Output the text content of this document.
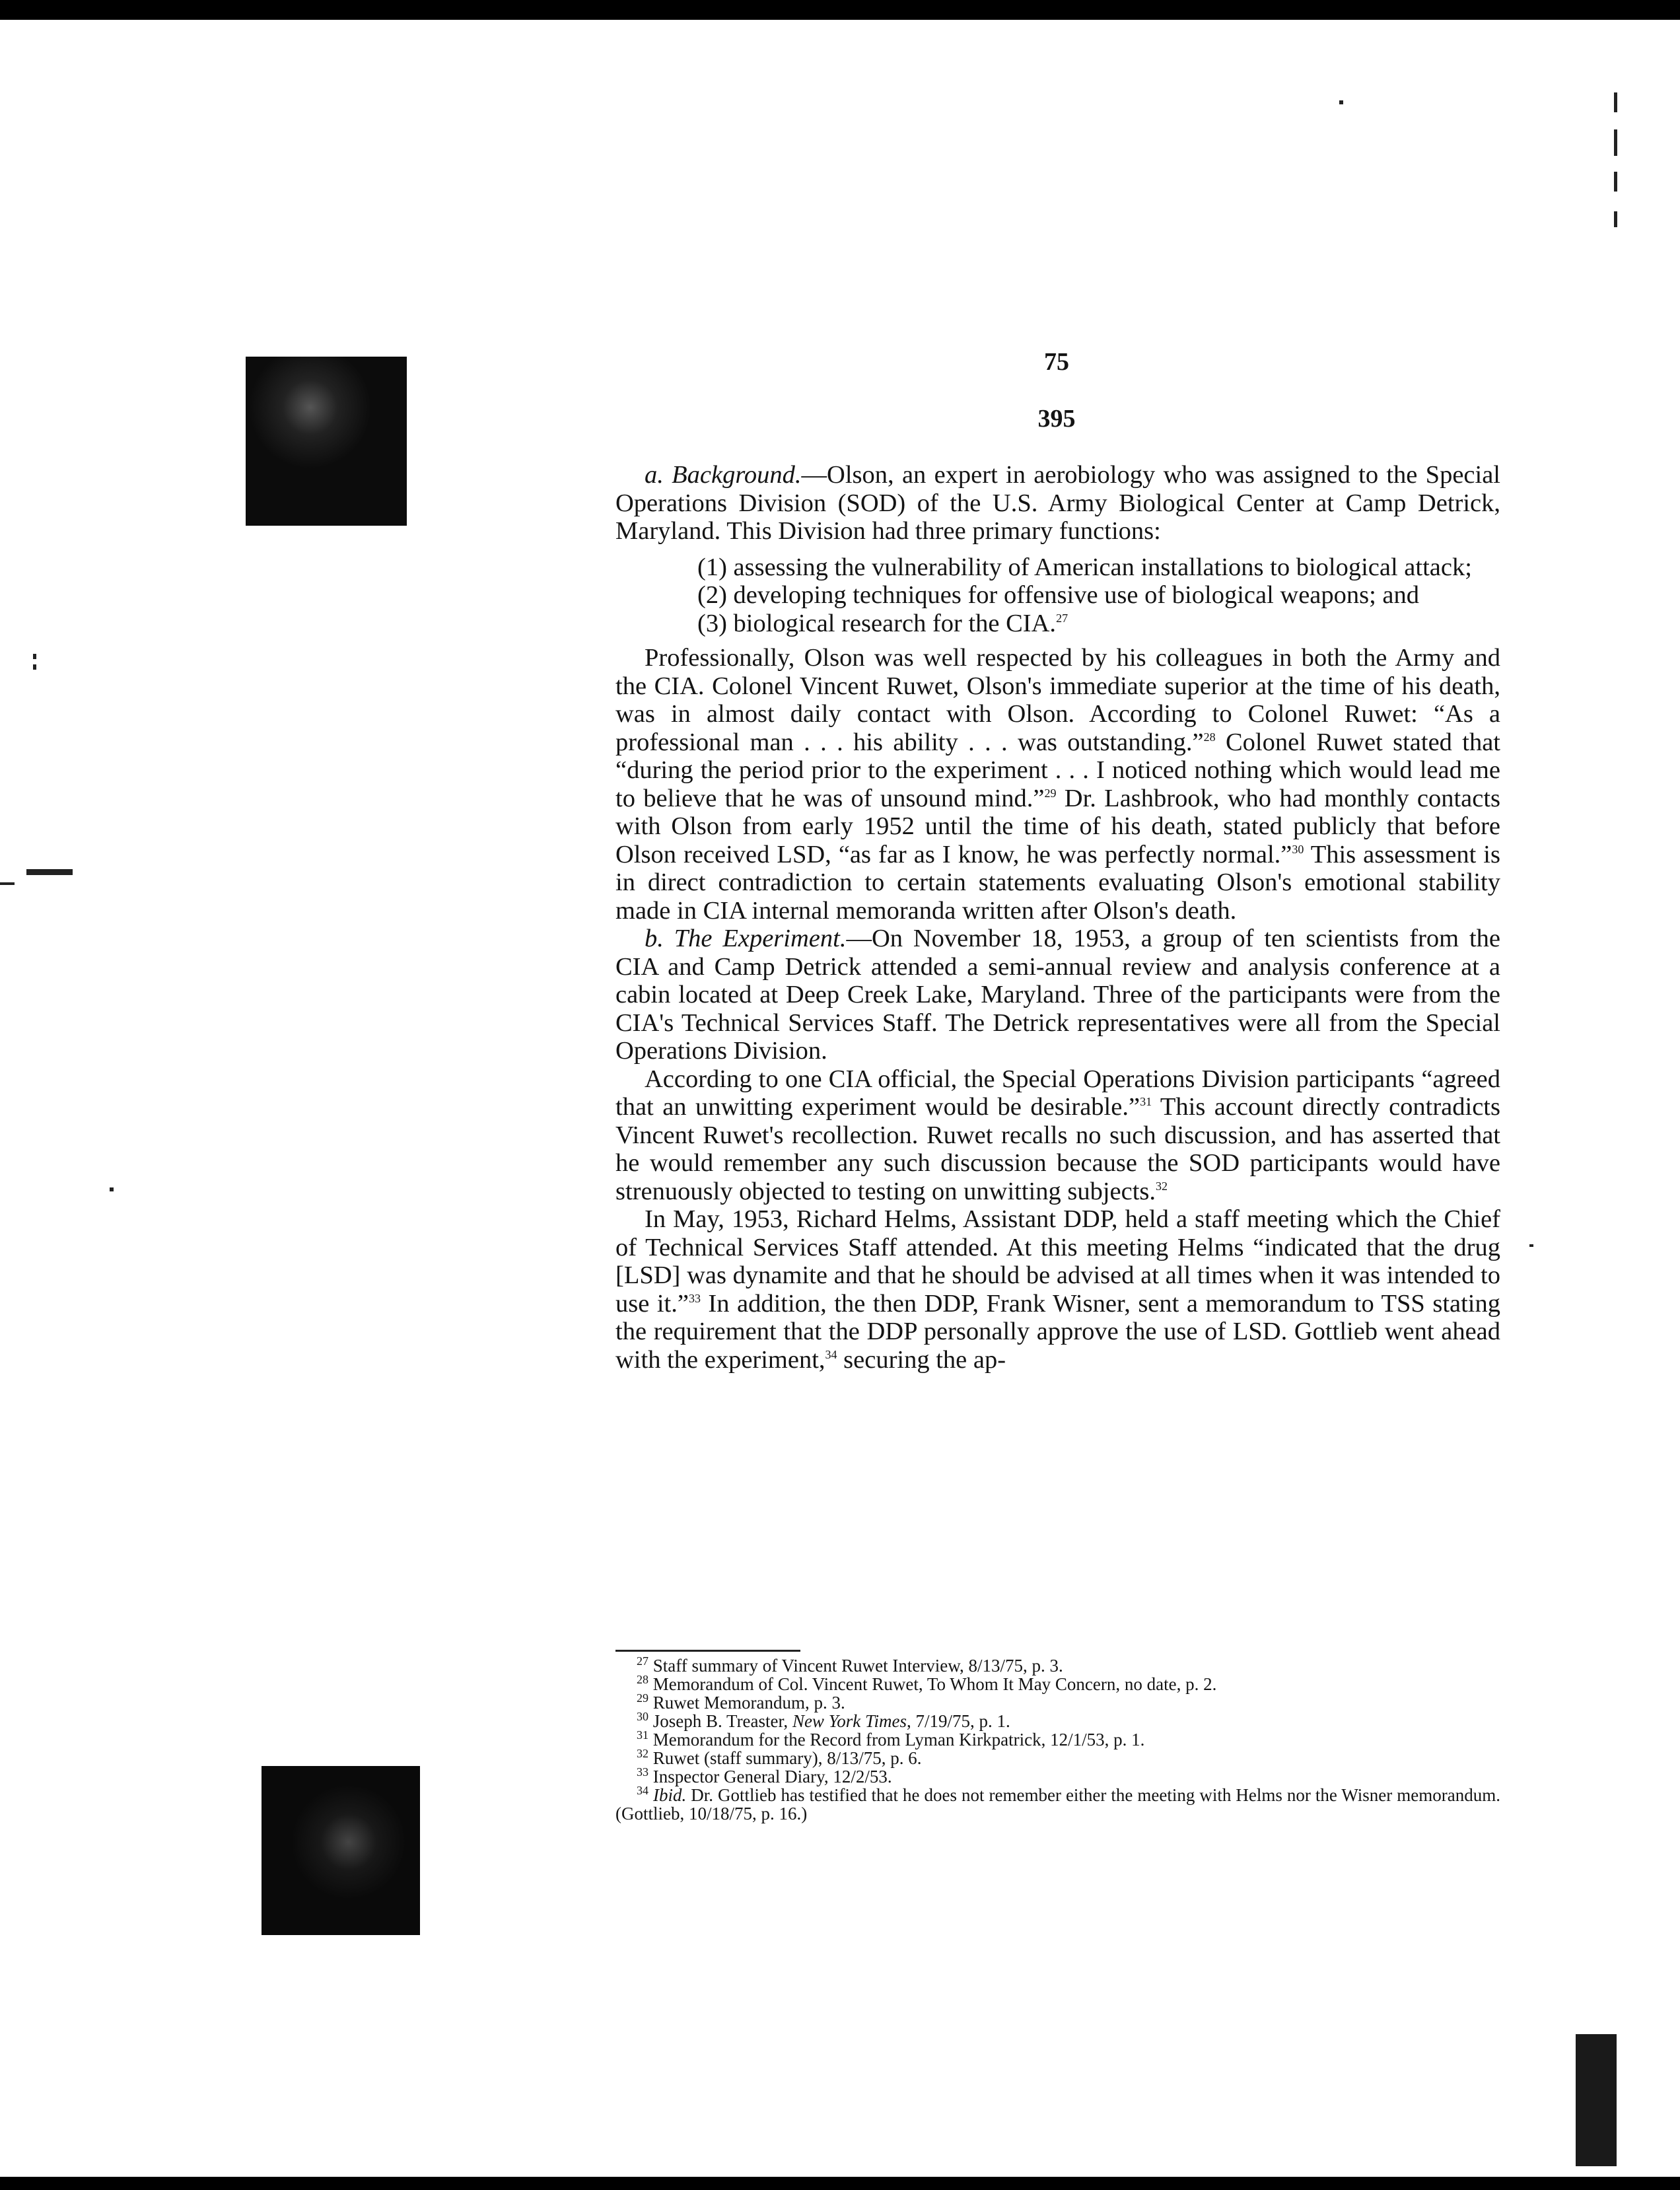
75
395

a. Background.—Olson, an expert in aerobiology who was assigned to the Special Operations Division (SOD) of the U.S. Army Biological Center at Camp Detrick, Maryland. This Division had three primary functions:

(1) assessing the vulnerability of American installations to biological attack;
(2) developing techniques for offensive use of biological weapons; and
(3) biological research for the CIA.$^{27}$

Professionally, Olson was well respected by his colleagues in both the Army and the CIA. Colonel Vincent Ruwet, Olson's immediate superior at the time of his death, was in almost daily contact with Olson. According to Colonel Ruwet: “As a professional man . . . his ability . . . was outstanding.”$^{28}$ Colonel Ruwet stated that “during the period prior to the experiment . . . I noticed nothing which would lead me to believe that he was of unsound mind.”$^{29}$ Dr. Lashbrook, who had monthly contacts with Olson from early 1952 until the time of his death, stated publicly that before Olson received LSD, “as far as I know, he was perfectly normal.”$^{30}$ This assessment is in direct contradiction to certain statements evaluating Olson's emotional stability made in CIA internal memoranda written after Olson's death.

b. The Experiment.—On November 18, 1953, a group of ten scientists from the CIA and Camp Detrick attended a semi-annual review and analysis conference at a cabin located at Deep Creek Lake, Maryland. Three of the participants were from the CIA's Technical Services Staff. The Detrick representatives were all from the Special Operations Division.

According to one CIA official, the Special Operations Division participants “agreed that an unwitting experiment would be desirable.”$^{31}$ This account directly contradicts Vincent Ruwet's recollection. Ruwet recalls no such discussion, and has asserted that he would remember any such discussion because the SOD participants would have strenuously objected to testing on unwitting subjects.$^{32}$

In May, 1953, Richard Helms, Assistant DDP, held a staff meeting which the Chief of Technical Services Staff attended. At this meeting Helms “indicated that the drug [LSD] was dynamite and that he should be advised at all times when it was intended to use it.”$^{33}$ In addition, the then DDP, Frank Wisner, sent a memorandum to TSS stating the requirement that the DDP personally approve the use of LSD. Gottlieb went ahead with the experiment,$^{34}$ securing the ap-

$^{27}$ Staff summary of Vincent Ruwet Interview, 8/13/75, p. 3.

$^{28}$ Memorandum of Col. Vincent Ruwet, To Whom It May Concern, no date, p. 2.

$^{29}$ Ruwet Memorandum, p. 3.

$^{30}$ Joseph B. Treaster, New York Times, 7/19/75, p. 1.

$^{31}$ Memorandum for the Record from Lyman Kirkpatrick, 12/1/53, p. 1.

$^{32}$ Ruwet (staff summary), 8/13/75, p. 6.

$^{33}$ Inspector General Diary, 12/2/53.

$^{34}$ Ibid. Dr. Gottlieb has testified that he does not remember either the meeting with Helms nor the Wisner memorandum. (Gottlieb, 10/18/75, p. 16.)
